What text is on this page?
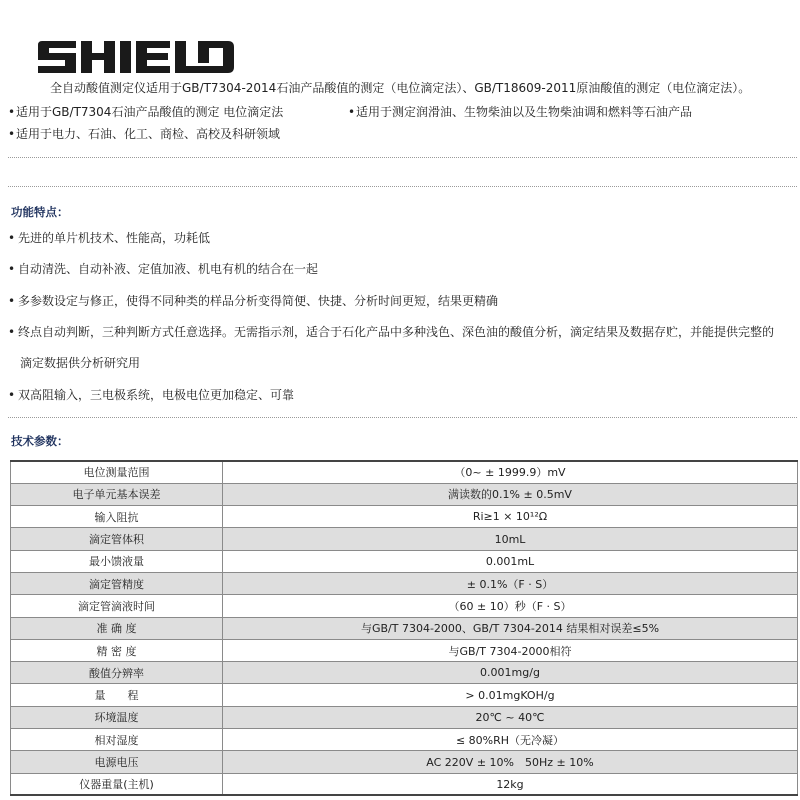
全自动酸值测定仪适用于GB/T7304-2014石油产品酸值的测定（电位滴定法）、GB/T18609-2011原油酸值的测定（电位滴定法）。
• 适用于GB/T7304石油产品酸值的测定 电位滴定法	• 适用于测定润滑油、生物柴油以及生物柴油调和燃料等石油产品
• 适用于电力、石油、化工、商检、高校及科研领域
功能特点：
• 先进的单片机技术、性能高，功耗低
• 自动清洗、自动补液、定值加液、机电有机的结合在一起
• 多参数设定与修正，使得不同种类的样品分析变得简便、快捷、分析时间更短，结果更精确
• 终点自动判断，三种判断方式任意选择。无需指示剂，适合于石化产品中多种浅色、深色油的酸值分析，滴定结果及数据存贮，并能提供完整的
滴定数据供分析研究用
• 双高阻输入，三电极系统，电极电位更加稳定、可靠
技术参数：
电位测量范围	（0~ ± 1999.9）mV
电子单元基本误差	满读数的0.1% ± 0.5mV
输入阻抗	Ri≥1 × 10¹²Ω
滴定管体积	10mL
最小馈液量	0.001mL
滴定管精度	± 0.1%（F · S）
滴定管滴液时间	（60 ± 10）秒（F · S）
准 确 度	与GB/T 7304-2000、GB/T 7304-2014 结果相对误差≤5%
精 密 度	与GB/T 7304-2000相符
酸值分辨率	0.001mg/g
量　　程	> 0.01mgKOH/g
环境温度	20℃ ~ 40℃
相对湿度	≤ 80%RH（无冷凝）
电源电压	AC 220V ± 10%　50Hz ± 10%
仪器重量(主机)	12kg
